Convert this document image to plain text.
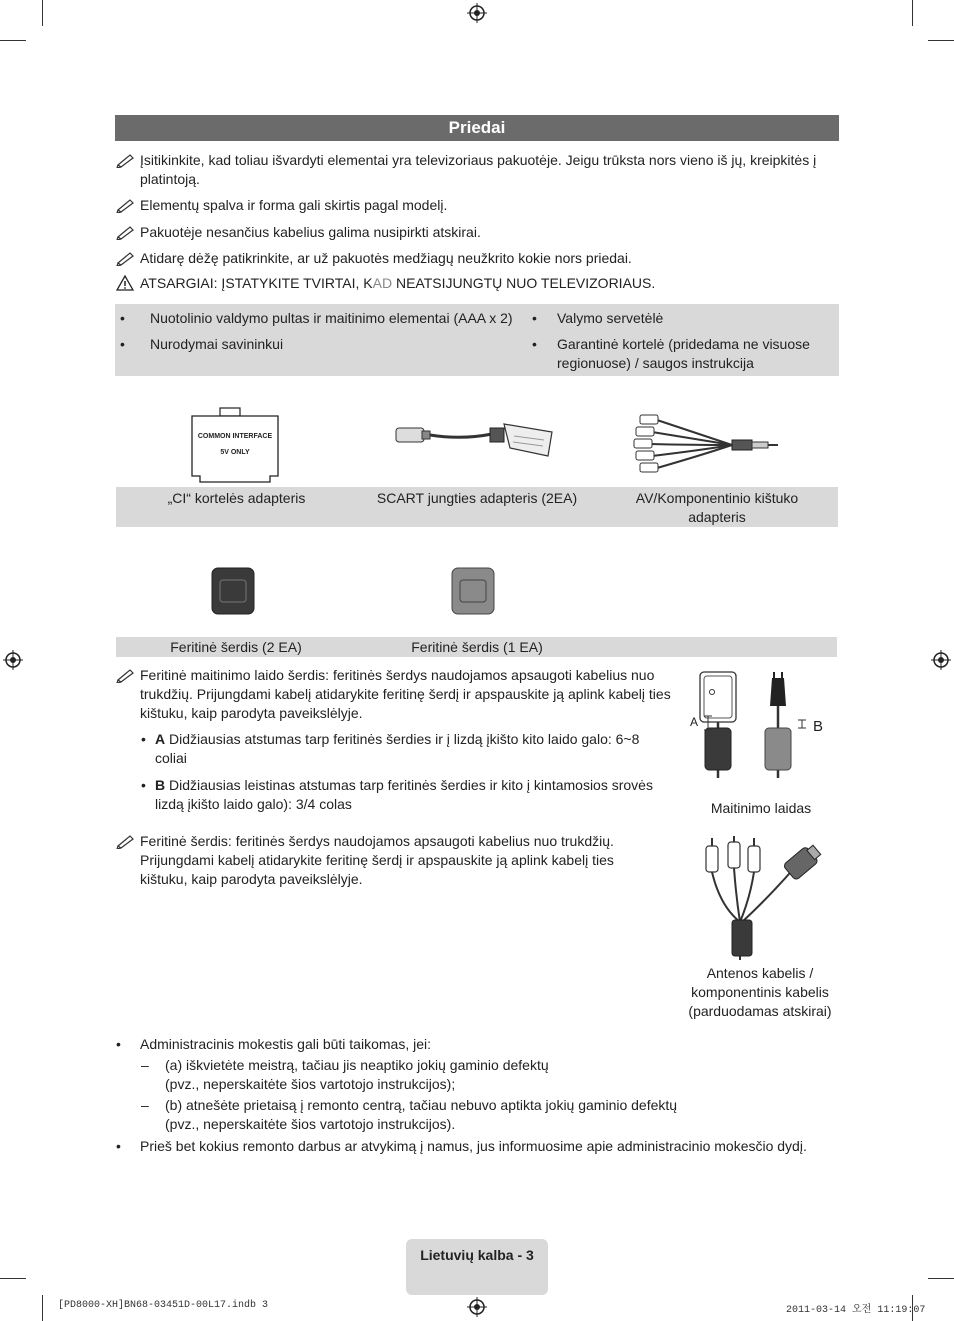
Priedai
Įsitikinkite, kad toliau išvardyti elementai yra televizoriaus pakuotėje. Jeigu trūksta nors vieno iš jų, kreipkitės į platintoją.
Elementų spalva ir forma gali skirtis pagal modelį.
Pakuotėje nesančius kabelius galima nusipirkti atskirai.
Atidarę dėžę patikrinkite, ar už pakuotės medžiagų neužkrito kokie nors priedai.
ATSARGIAI: ĮSTATYKITE TVIRTAI, KAD NEATSIJUNGTŲ NUO TELEVIZORIAUS.
• Nuotolinio valdymo pultas ir maitinimo elementai (AAA x 2)
• Nurodymai savininkui
• Valymo servetėlė
• Garantinė kortelė (pridedama ne visuose regionuose) / saugos instrukcija
COMMON INTERFACE
5V ONLY
„CI“ kortelės adapteris	SCART jungties adapteris (2EA)	AV/Komponentinio kištuko adapteris
Feritinė šerdis (2 EA)	Feritinė šerdis (1 EA)
Feritinė maitinimo laido šerdis: feritinės šerdys naudojamos apsaugoti kabelius nuo trukdžių. Prijungdami kabelį atidarykite feritinę šerdį ir apspauskite ją aplink kabelį ties kištuku, kaip parodyta paveikslėlyje.
• A Didžiausias atstumas tarp feritinės šerdies ir į lizdą įkišto kito laido galo: 6~8 coliai
• B Didžiausias leistinas atstumas tarp feritinės šerdies ir kito į kintamosios srovės lizdą įkišto laido galo): 3/4 colas
A	B
Maitinimo laidas
Feritinė šerdis: feritinės šerdys naudojamos apsaugoti kabelius nuo trukdžių. Prijungdami kabelį atidarykite feritinę šerdį ir apspauskite ją aplink kabelį ties kištuku, kaip parodyta paveikslėlyje.
Antenos kabelis /
komponentinis kabelis
(parduodamas atskirai)
• Administracinis mokestis gali būti taikomas, jei:
– (a) iškvietėte meistrą, tačiau jis neaptiko jokių gaminio defektų
(pvz., neperskaitėte šios vartotojo instrukcijos);
– (b) atnešėte prietaisą į remonto centrą, tačiau nebuvo aptikta jokių gaminio defektų
(pvz., neperskaitėte šios vartotojo instrukcijos).
• Prieš bet kokius remonto darbus ar atvykimą į namus, jus informuosime apie administracinio mokesčio dydį.
Lietuvių kalba - 3
[PD8000-XH]BN68-03451D-00L17.indb 3	2011-03-14 오전 11:19:07
